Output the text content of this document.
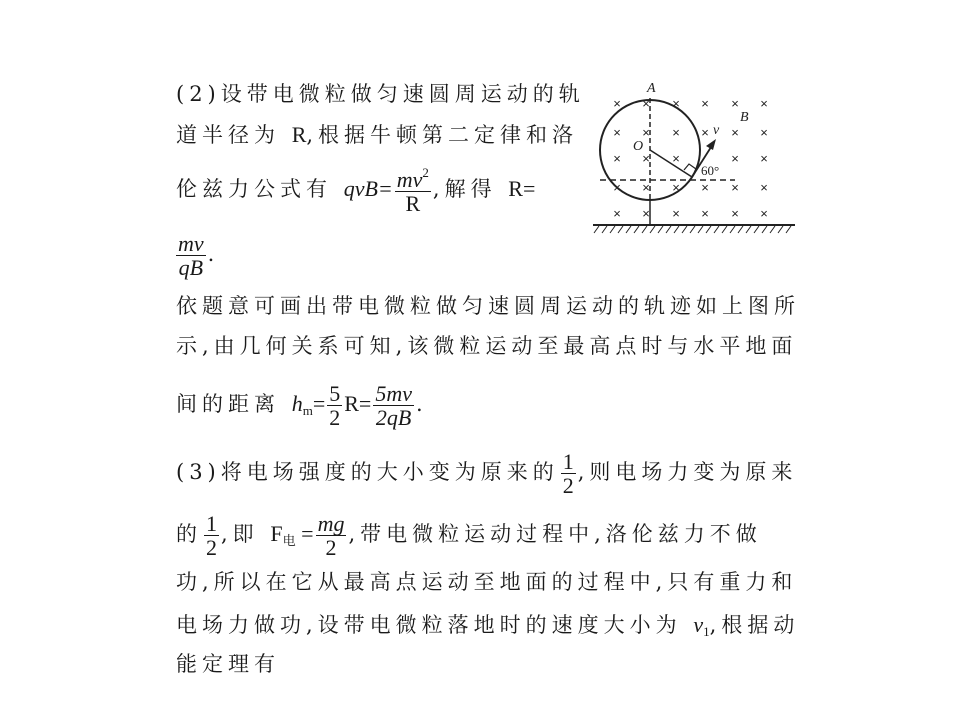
(2)设带电微粒做匀速圆周运动的轨
道半径为 R,根据牛顿第二定律和洛
伦兹力公式有 $qvB= \frac{mv^2}{R}$ ,解得 R=
$\frac{mv}{qB}$ .
依题意可画出带电微粒做匀速圆周运动的轨迹如上图所
示,由几何关系可知,该微粒运动至最高点时与水平地面
间的距离 $h_m= \frac{5}{2} R= \frac{5mv}{2qB}$ .
(3)将电场强度的大小变为原来的 $\frac{1}{2}$ ,则电场力变为原来
的 $\frac{1}{2}$ ,即 $F_电 = \frac{mg}{2}$ ,带电微粒运动过程中,洛伦兹力不做
功,所以在它从最高点运动至地面的过程中,只有重力和
电场力做功,设带电微粒落地时的速度大小为 $v_1$,根据动
能定理有
× × × × × ×
× × × × × ×
× × ×	× ×
× × × × × ×
× × × × × ×
A
B
O
v
60°
